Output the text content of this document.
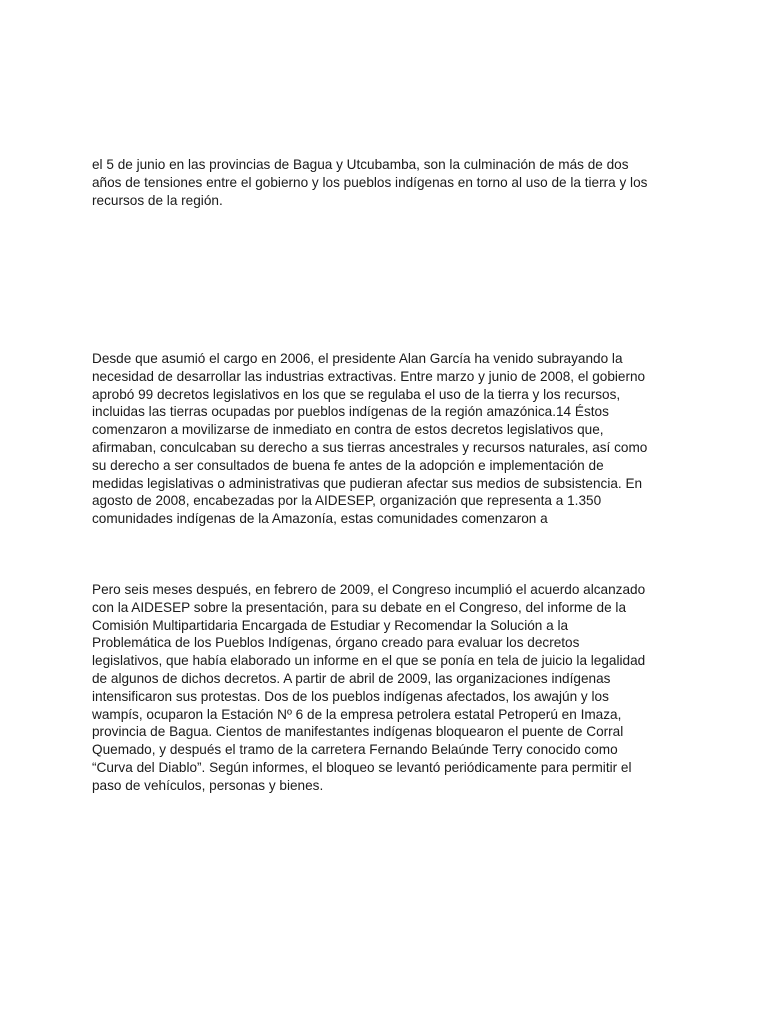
el 5 de junio en las provincias de Bagua y Utcubamba, son la culminación de más de dos
años de tensiones entre el gobierno y los pueblos indígenas en torno al uso de la tierra y los
recursos de la región.

Desde que asumió el cargo en 2006, el presidente Alan García ha venido subrayando la
necesidad de desarrollar las industrias extractivas. Entre marzo y junio de 2008, el gobierno
aprobó 99 decretos legislativos en los que se regulaba el uso de la tierra y los recursos,
incluidas las tierras ocupadas por pueblos indígenas de la región amazónica.14 Éstos
comenzaron a movilizarse de inmediato en contra de estos decretos legislativos que,
afirmaban, conculcaban su derecho a sus tierras ancestrales y recursos naturales, así como
su derecho a ser consultados de buena fe antes de la adopción e implementación de
medidas legislativas o administrativas que pudieran afectar sus medios de subsistencia. En
agosto de 2008, encabezadas por la AIDESEP, organización que representa a 1.350
comunidades indígenas de la Amazonía, estas comunidades comenzaron a

Pero seis meses después, en febrero de 2009, el Congreso incumplió el acuerdo alcanzado
con la AIDESEP sobre la presentación, para su debate en el Congreso, del informe de la
Comisión Multipartidaria Encargada de Estudiar y Recomendar la Solución a la
Problemática de los Pueblos Indígenas, órgano creado para evaluar los decretos
legislativos, que había elaborado un informe en el que se ponía en tela de juicio la legalidad
de algunos de dichos decretos. A partir de abril de 2009, las organizaciones indígenas
intensificaron sus protestas. Dos de los pueblos indígenas afectados, los awajún y los
wampís, ocuparon la Estación Nº 6 de la empresa petrolera estatal Petroperú en Imaza,
provincia de Bagua. Cientos de manifestantes indígenas bloquearon el puente de Corral
Quemado, y después el tramo de la carretera Fernando Belaúnde Terry conocido como
“Curva del Diablo”. Según informes, el bloqueo se levantó periódicamente para permitir el
paso de vehículos, personas y bienes.
